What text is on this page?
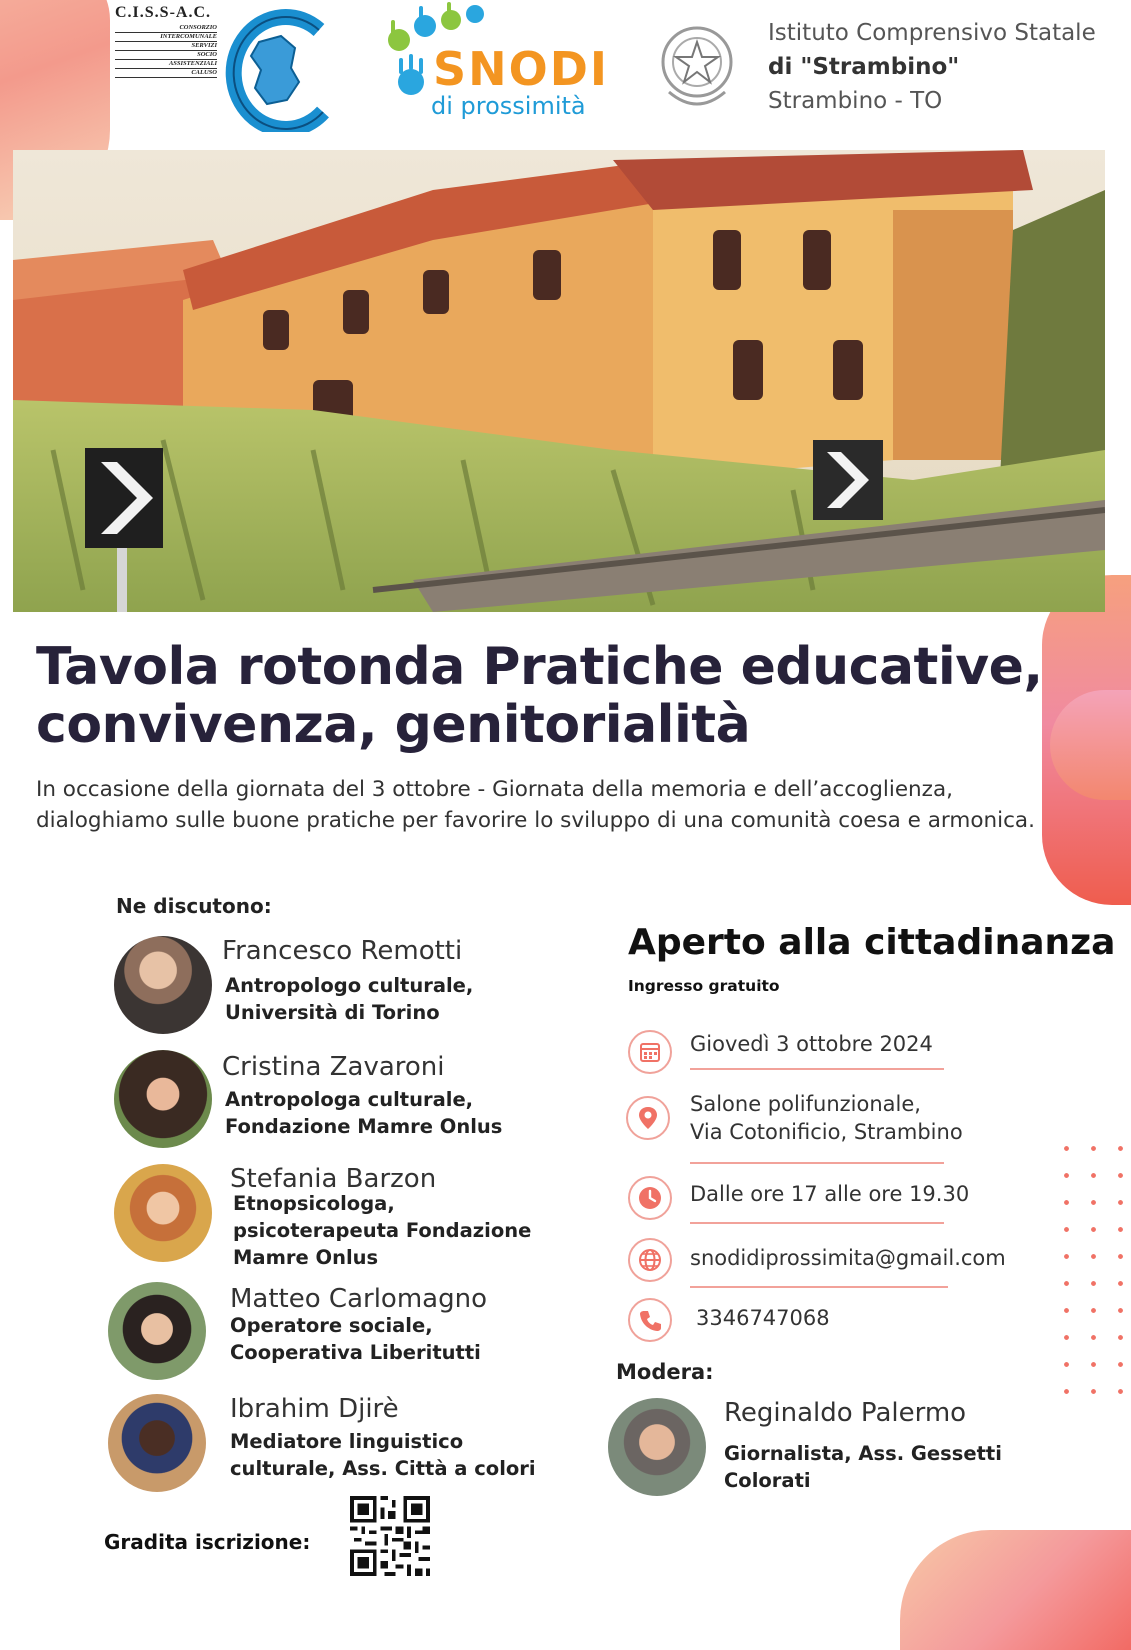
C.I.S.S-A.C.
CONSORZIO
INTERCOMUNALE
SERVIZI
SOCIO
ASSISTENZIALI
CALUSO	SNODI
di prossimità
Istituto Comprensivo Statale
di "Strambino"
Strambino - TO
Tavola rotonda Pratiche educative, convivenza, genitorialità

In occasione della giornata del 3 ottobre - Giornata della memoria e dell’accoglienza, dialoghiamo sulle buone pratiche per favorire lo sviluppo di una comunità coesa e armonica.

Ne discutono:
Francesco Remotti
Antropologo culturale, Università di Torino
Cristina Zavaroni
Antropologa culturale, Fondazione Mamre Onlus
Stefania Barzon
Etnopsicologa, psicoterapeuta Fondazione Mamre Onlus
Matteo Carlomagno
Operatore sociale, Cooperativa Liberitutti
Ibrahim Djirè
Mediatore linguistico culturale, Ass. Città a colori
Aperto alla cittadinanza
Ingresso gratuito
Giovedì 3 ottobre 2024
Salone polifunzionale,
Via Cotonificio, Strambino
Dalle ore 17 alle ore 19.30
snodidiprossimita@gmail.com
3346747068
Modera:
Reginaldo Palermo
Giornalista, Ass. Gessetti Colorati
Gradita iscrizione:
